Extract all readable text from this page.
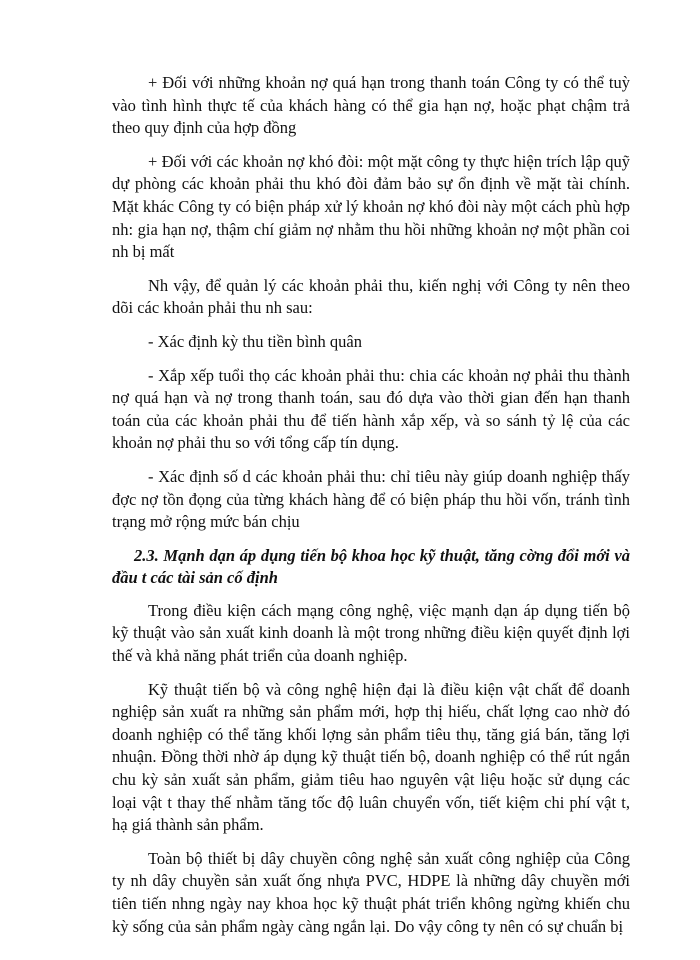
+ Đối với những khoản nợ quá hạn trong thanh toán Công ty có thể tuỳ vào tình hình thực tế của khách hàng có thể gia hạn nợ, hoặc phạt chậm trả theo quy định của hợp đồng

+ Đối với các khoản nợ khó đòi: một mặt công ty thực hiện trích lập quỹ dự phòng các khoản phải thu khó đòi đảm bảo sự ổn định về mặt tài chính. Mặt khác Công ty có biện pháp xử lý khoản nợ khó đòi này một cách phù hợp nh: gia hạn nợ, thậm chí giảm nợ nhằm thu hồi những khoản nợ một phần coi nh bị mất

Nh vậy, để quản lý các khoản phải thu, kiến nghị với Công ty nên theo dõi các khoản phải thu nh sau:

- Xác định kỳ thu tiền bình quân

- Xắp xếp tuổi thọ các khoản phải thu: chia các khoản nợ phải thu thành nợ quá hạn và nợ trong thanh toán, sau đó dựa vào thời gian đến hạn thanh toán của các khoản phải thu để tiến hành xắp xếp, và so sánh tỷ lệ của các khoản nợ phải thu so với tổng cấp tín dụng.

- Xác định số d các khoản phải thu: chỉ tiêu này giúp doanh nghiệp thấy đợc nợ tồn đọng của từng khách hàng để có biện pháp thu hồi vốn, tránh tình trạng mở rộng mức bán chịu

2.3. Mạnh dạn áp dụng tiến bộ khoa học kỹ thuật, tăng cờng đổi mới và đầu t các tài sản cố định

Trong điều kiện cách mạng công nghệ, việc mạnh dạn áp dụng tiến bộ kỹ thuật vào sản xuất kinh doanh là một trong những điều kiện quyết định lợi thế và khả năng phát triển của doanh nghiệp.

Kỹ thuật tiến bộ và công nghệ hiện đại là điều kiện vật chất để doanh nghiệp sản xuất ra những sản phẩm mới, hợp thị hiếu, chất lợng cao nhờ đó doanh nghiệp có thể tăng khối lợng sản phẩm tiêu thụ, tăng giá bán, tăng lợi nhuận. Đồng thời nhờ áp dụng kỹ thuật tiến bộ, doanh nghiệp có thể rút ngắn chu kỳ sản xuất sản phẩm, giảm tiêu hao nguyên vật liệu hoặc sử dụng các loại vật t thay thế nhằm tăng tốc độ luân chuyển vốn, tiết kiệm chi phí vật t, hạ giá thành sản phẩm.

Toàn bộ thiết bị dây chuyền công nghệ sản xuất công nghiệp của Công ty nh dây chuyền sản xuất ống nhựa PVC, HDPE là những dây chuyền mới tiên tiến nhng ngày nay khoa học kỹ thuật phát triển không ngừng khiến chu kỳ sống của sản phẩm ngày càng ngắn lại. Do vậy công ty nên có sự chuẩn bị
